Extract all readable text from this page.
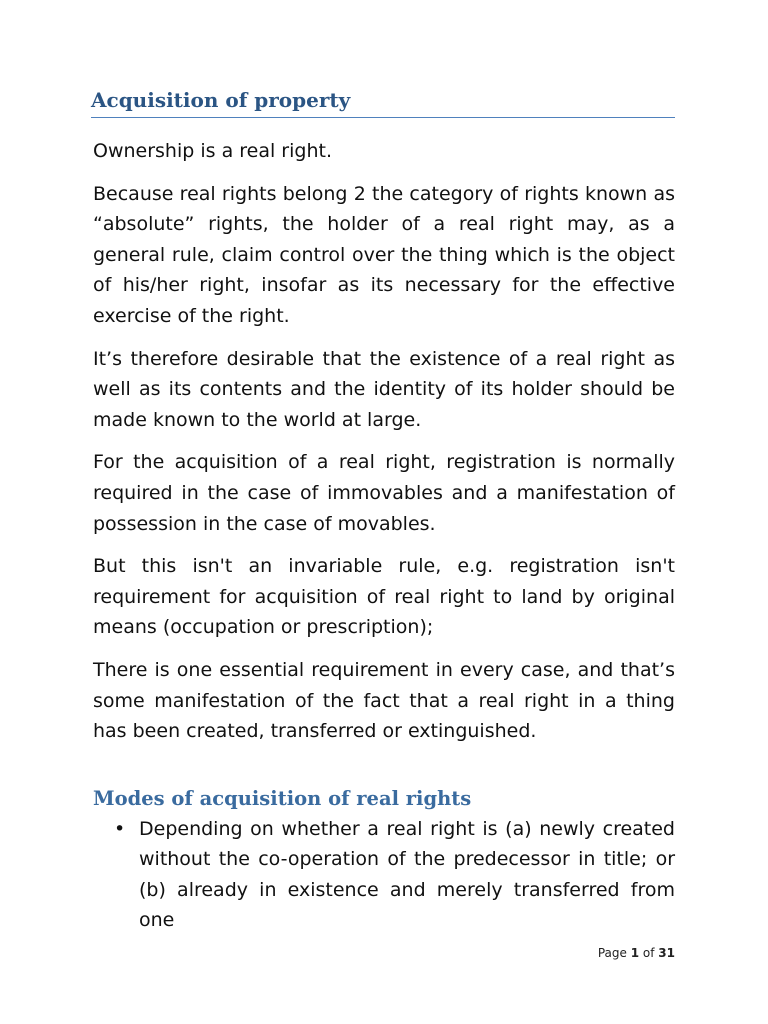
Acquisition of property

Ownership is a real right.

Because real rights belong 2 the category of rights known as “absolute” rights, the holder of a real right may, as a general rule, claim control over the thing which is the object of his/her right, insofar as its necessary for the effective exercise of the right.

It’s therefore desirable that the existence of a real right as well as its contents and the identity of its holder should be made known to the world at large.

For the acquisition of a real right, registration is normally required in the case of immovables and a manifestation of possession in the case of movables.

But this isn't an invariable rule, e.g. registration isn't requirement for acquisition of real right to land by original means (occupation or prescription);

There is one essential requirement in every case, and that’s some manifestation of the fact that a real right in a thing has been created, transferred or extinguished.

Modes of acquisition of real rights
• Depending on whether a real right is (a) newly created without the co-operation of the predecessor in title; or (b) already in existence and merely transferred from one
Page 1 of 31
